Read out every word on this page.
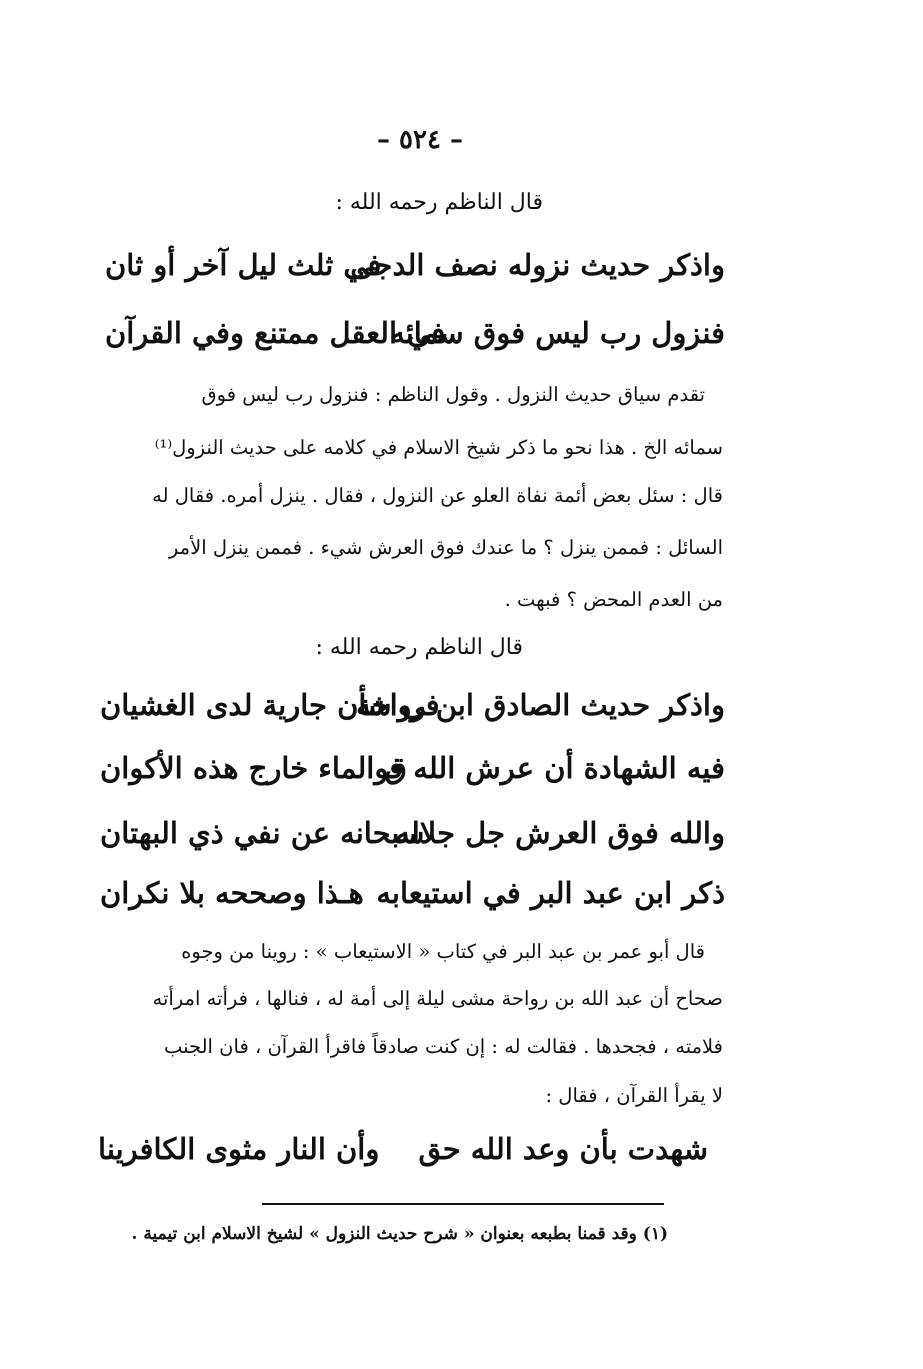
– ٥٢٤ –
قال الناظم رحمه الله :
واذكر حديث نزوله نصف الدجى
في ثلث ليل آخر أو ثان
فنزول رب ليس فوق سمائه
في العقل ممتنع وفي القرآن
تقدم سياق حديث النزول . وقول الناظم : فنزول رب ليس فوق
سمائه الخ . هذا نحو ما ذكر شيخ الاسلام في كلامه على حديث النزول⁽¹⁾
قال : سئل بعض أئمة نفاة العلو عن النزول ، فقال . ينزل أمره. فقال له
السائل : فممن ينزل ؟ ما عندك فوق العرش شيء . فممن ينزل الأمر
من العدم المحض ؟ فبهت .
قال الناظم رحمه الله :
واذكر حديث الصادق ابن رواحة
في شأن جارية لدى الغشيان
فيه الشهادة أن عرش الله فو
ق الماء خارج هذه الأكوان
والله فوق العرش جل جلاله
سبحانه عن نفي ذي البهتان
ذكر ابن عبد البر في استيعابه
هـذا وصححه بلا نكران
قال أبو عمر بن عبد البر في كتاب « الاستيعاب » : روينا من وجوه
صحاح أن عبد الله بن رواحة مشى ليلة إلى أمة له ، فنالها ، فرأته امرأته
فلامته ، فجحدها . فقالت له : إن كنت صادقاً فاقرأ القرآن ، فان الجنب
لا يقرأ القرآن ، فقال :
شهدت بأن وعد الله حق
وأن النار مثوى الكافرينا
(١) وقد قمنا بطبعه بعنوان « شرح حديث النزول » لشيخ الاسلام ابن تيمية .
